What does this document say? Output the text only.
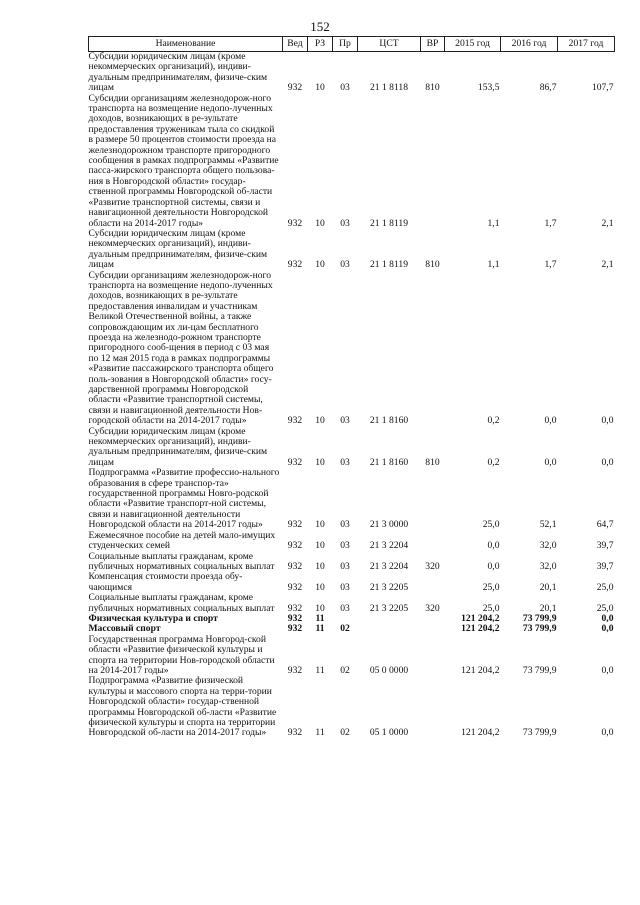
152
Наименование	Вед	РЗ	Пр	ЦСТ	ВР	2015 год	2016 год	2017 год
Субсидии юридическим лицам (кроме некоммерческих организаций), индиви-дуальным предпринимателям, физиче-ским лицам	932	10	03	21 1 8118	810	153,5	86,7	107,7
Субсидии организациям железнодорож-ного транспорта на возмещение недопо-лученных доходов, возникающих в ре-зультате предоставления труженикам тыла со скидкой в размере 50 процентов стоимости проезда на железнодорожном транспорте пригородного сообщения в рамках подпрограммы «Развитие пасса-жирского транспорта общего пользова-ния в Новгородской области» государ-ственной программы Новгородской об-ласти «Развитие транспортной системы, связи и навигационной деятельности Новгородской области на 2014-2017 годы»	932	10	03	21 1 8119		1,1	1,7	2,1
Субсидии юридическим лицам (кроме некоммерческих организаций), индиви-дуальным предпринимателям, физиче-ским лицам	932	10	03	21 1 8119	810	1,1	1,7	2,1
Субсидии организациям железнодорож-ного транспорта на возмещение недопо-лученных доходов, возникающих в ре-зультате предоставления инвалидам и участникам Великой Отечественной войны, а также сопровождающим их ли-цам бесплатного проезда на железнодо-рожном транспорте пригородного сооб-щения в период с 03 мая по 12 мая 2015 года в рамках подпрограммы «Развитие пассажирского транспорта общего поль-зования в Новгородской области» госу-дарственной программы Новгородской области «Развитие транспортной системы, связи и навигационной деятельности Нов-городской области на 2014-2017 годы»	932	10	03	21 1 8160		0,2	0,0	0,0
Субсидии юридическим лицам (кроме некоммерческих организаций), индиви-дуальным предпринимателям, физиче-ским лицам	932	10	03	21 1 8160	810	0,2	0,0	0,0
Подпрограмма «Развитие профессио-нального образования в сфере транспор-та» государственной программы Новго-родской области «Развитие транспорт-ной системы, связи и навигационной деятельности Новгородской области на 2014-2017 годы»	932	10	03	21 3 0000		25,0	52,1	64,7
Ежемесячное пособие на детей мало-имущих студенческих семей	932	10	03	21 3 2204		0,0	32,0	39,7
Социальные выплаты гражданам, кроме публичных нормативных социальных выплат	932	10	03	21 3 2204	320	0,0	32,0	39,7
Компенсация стоимости проезда обу-чающимся	932	10	03	21 3 2205		25,0	20,1	25,0
Социальные выплаты гражданам, кроме публичных нормативных социальных выплат	932	10	03	21 3 2205	320	25,0	20,1	25,0
Физическая культура и спорт	932	11				121 204,2	73 799,9	0,0
Массовый спорт	932	11	02			121 204,2	73 799,9	0,0
Государственная программа Новгород-ской области «Развитие физической культуры и спорта на территории Нов-городской области на 2014-2017 годы»	932	11	02	05 0 0000		121 204,2	73 799,9	0,0
Подпрограмма «Развитие физической культуры и массового спорта на терри-тории Новгородской области» государ-ственной программы Новгородской об-ласти «Развитие физической культуры и спорта на территории Новгородской об-ласти на 2014-2017 годы»	932	11	02	05 1 0000		121 204,2	73 799,9	0,0
